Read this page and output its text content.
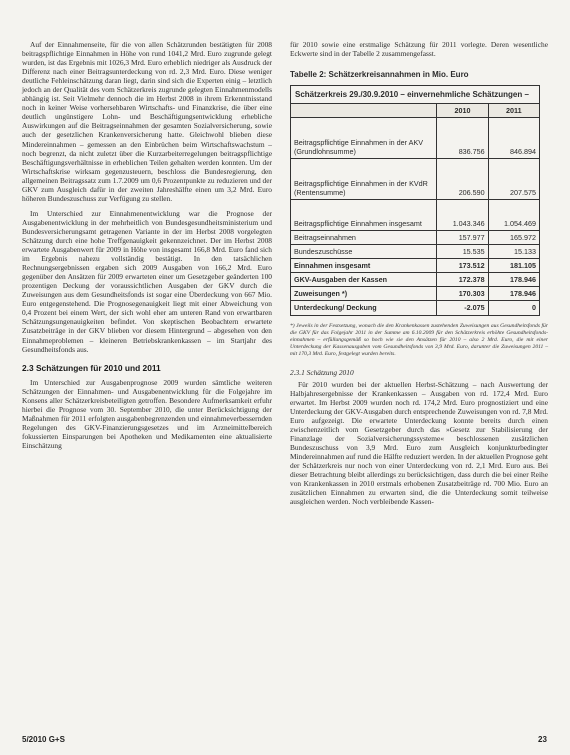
Auf der Einnahmenseite, für die von allen Schätzrunden bestätigten für 2008 beitragspflichtige Einnahmen in Höhe von rund 1041,2 Mrd. Euro zugrunde gelegt wurden, ist das Ergebnis mit 1026,3 Mrd. Euro erheblich niedriger als Ausdruck der Differenz nach einer Beitragsunterdeckung von rd. 2,3 Mrd. Euro. Diese weniger deutliche Fehleinschätzung daran liegt, darin sind sich die Experten einig – letztlich jedoch an der Qualität des vom Schätzerkreis zugrunde gelegten Einnahmenmodells abhängig ist. Seit Vielmehr dennoch die im Herbst 2008 in ihrem Erkenntnisstand noch in keiner Weise vorhersehbaren Wirtschafts- und Finanzkrise, die über eine deutlich ungünstigere Lohn- und Beschäftigungsentwicklung erhebliche Auswirkungen auf die Beitragseinnahmen der gesamten Sozialversicherung, sowie auch der gesetzlichen Krankenversicherung hatte. Gleichwohl blieben diese Mindereinnahmen – gemessen an den Einbrüchen beim Wirtschaftswachstum – noch begrenzt, da nicht zuletzt über die Kurzarbeiterregelungen beitragspflichtige Beschäftigungsverhältnisse in erheblichen Teilen gehalten werden konnten. Um der Wirtschaftskrise wirksam gegenzusteuern, beschloss die Bundesregierung, den allgemeinen Beitragssatz zum 1.7.2009 um 0,6 Prozentpunkte zu reduzieren und der GKV zum Ausgleich dafür in der zweiten Jahreshälfte einen um 3,2 Mrd. Euro höheren Bundeszuschuss zur Verfügung zu stellen.

Im Unterschied zur Einnahmenentwicklung war die Prognose der Ausgabenentwicklung in der mehrheitlich von Bundesgesundheitsministerium und Bundesversicherungsamt getragenen Variante in der im Herbst 2008 vorgelegten Schätzung durch eine hohe Treffgenauigkeit gekennzeichnet. Der im Herbst 2008 erwartete Ausgabenwert für 2009 in Höhe von insgesamt 166,8 Mrd. Euro fand sich im Ergebnis nahezu vollständig bestätigt. In den tatsächlichen Rechnungsergebnissen ergaben sich 2009 Ausgaben von 166,2 Mrd. Euro gegenüber den Ansätzen für 2009 erwarteten einer um Gesetzgeber geänderten 100 prozentigen Deckung der voraussichtlichen Ausgaben der GKV durch die Zuweisungen aus dem Gesundheitsfonds ist sogar eine Überdeckung von 667 Mio. Euro entgegenstehend. Die Prognosegenauigkeit liegt mit einer Abweichung von 0,4 Prozent bei einem Wert, der sich wohl eher am unteren Rand von erwartbaren Schätzungsungenauigkeiten befindet. Von skeptischen Beobachtern erwartete Zusatzbeiträge in der GKV blieben vor diesem Hintergrund – abgesehen von den Einnahmeproblemen – kleineren Betriebskrankenkassen – im Startjahr des Gesundheitsfonds aus.

2.3 Schätzungen für 2010 und 2011

Im Unterschied zur Ausgabenprognose 2009 wurden sämtliche weiteren Schätzungen der Einnahmen- und Ausgabenentwicklung für die Folgejahre im Konsens aller Schätzerkreisbeteiligten getroffen. Besondere Aufmerksamkeit erfuhr hierbei die Prognose vom 30. September 2010, die unter Berücksichtigung der Maßnahmen für 2011 erfolgten ausgabenbegrenzenden und einnahmeverbessernden Regelungen des GKV-Finanzierungsgesetzes und im Arzneimittelbereich fokussierten Einsparungen bei Apotheken und Medikamenten eine aktualisierte Einschätzung

für 2010 sowie eine erstmalige Schätzung für 2011 vorlegte. Deren wesentliche Eckwerte sind in der Tabelle 2 zusammengefasst.

Tabelle 2: Schätzerkreisannahmen in Mio. Euro
Schätzerkreis 29./30.9.2010 – einvernehmliche Schätzungen –		
	2010	2011
Beitragspflichtige Einnahmen in der AKV (Grundlohnsumme)	836.756	846.894
Beitragspflichtige Einnahmen in der KVdR (Rentensumme)	206.590	207.575
Beitragspflichtige Einnahmen insgesamt	1.043.346	1.054.469
Beitragseinnahmen	157.977	165.972
Bundeszuschüsse	15.535	15.133
Einnahmen insgesamt	173.512	181.105
GKV-Ausgaben der Kassen	172.378	178.946
Zuweisungen *)	170.303	178.946
Unterdeckung/ Deckung	-2.075	0

*) Jeweils in der Festsetzung, wonach die den Krankenkassen zustehenden Zuweisungen aus Gesundheitsfonds für die GKV für das Folgejahr 2011 in der Summe am 6.10.2009 für den Schätzerkreis erhöhte Gesundheitsfonds-einnahmen – erfüllungsgemäß so hoch wie sie den Ansätzen für 2010 – also 2 Mrd. Euro, die mit einer Unterdeckung der Kassenausgaben vom Gesundheitsfonds von 3,9 Mrd. Euro, darunter die Zuweisungen 2011 – mit 170,3 Mrd. Euro, festgelegt wurden bereits.

2.3.1 Schätzung 2010

Für 2010 wurden bei der aktuellen Herbst-Schätzung – nach Auswertung der Halbjahresergebnisse der Krankenkassen – Ausgaben von rd. 172,4 Mrd. Euro erwartet. Im Herbst 2009 wurden noch rd. 174,2 Mrd. Euro prognostiziert und eine Unterdeckung der GKV-Ausgaben durch entsprechende Zuweisungen von rd. 7,8 Mrd. Euro aufgezeigt. Die erwartete Unterdeckung konnte bereits durch einen zwischenzeitlich vom Gesetzgeber durch das »Gesetz zur Stabilisierung der Finanzlage der Sozialversicherungssysteme« beschlossenen zusätzlichen Bundeszuschuss von 3,9 Mrd. Euro zum Ausgleich konjunkturbedingter Mindereinnahmen auf rund die Hälfte reduziert werden. In der aktuellen Prognose geht der Schätzerkreis nur noch von einer Unterdeckung von rd. 2,1 Mrd. Euro aus. Bei dieser Betrachtung bleibt allerdings zu berücksichtigen, dass durch die bei einer Reihe von Krankenkassen in 2010 erstmals erhobenen Zusatzbeiträge rd. 700 Mio. Euro an zusätzlichen Einnahmen zu erwarten sind, die die Unterdeckung somit teilweise ausgleichen werden. Noch verbleibende Kassen-

5/2010 G+S	23
